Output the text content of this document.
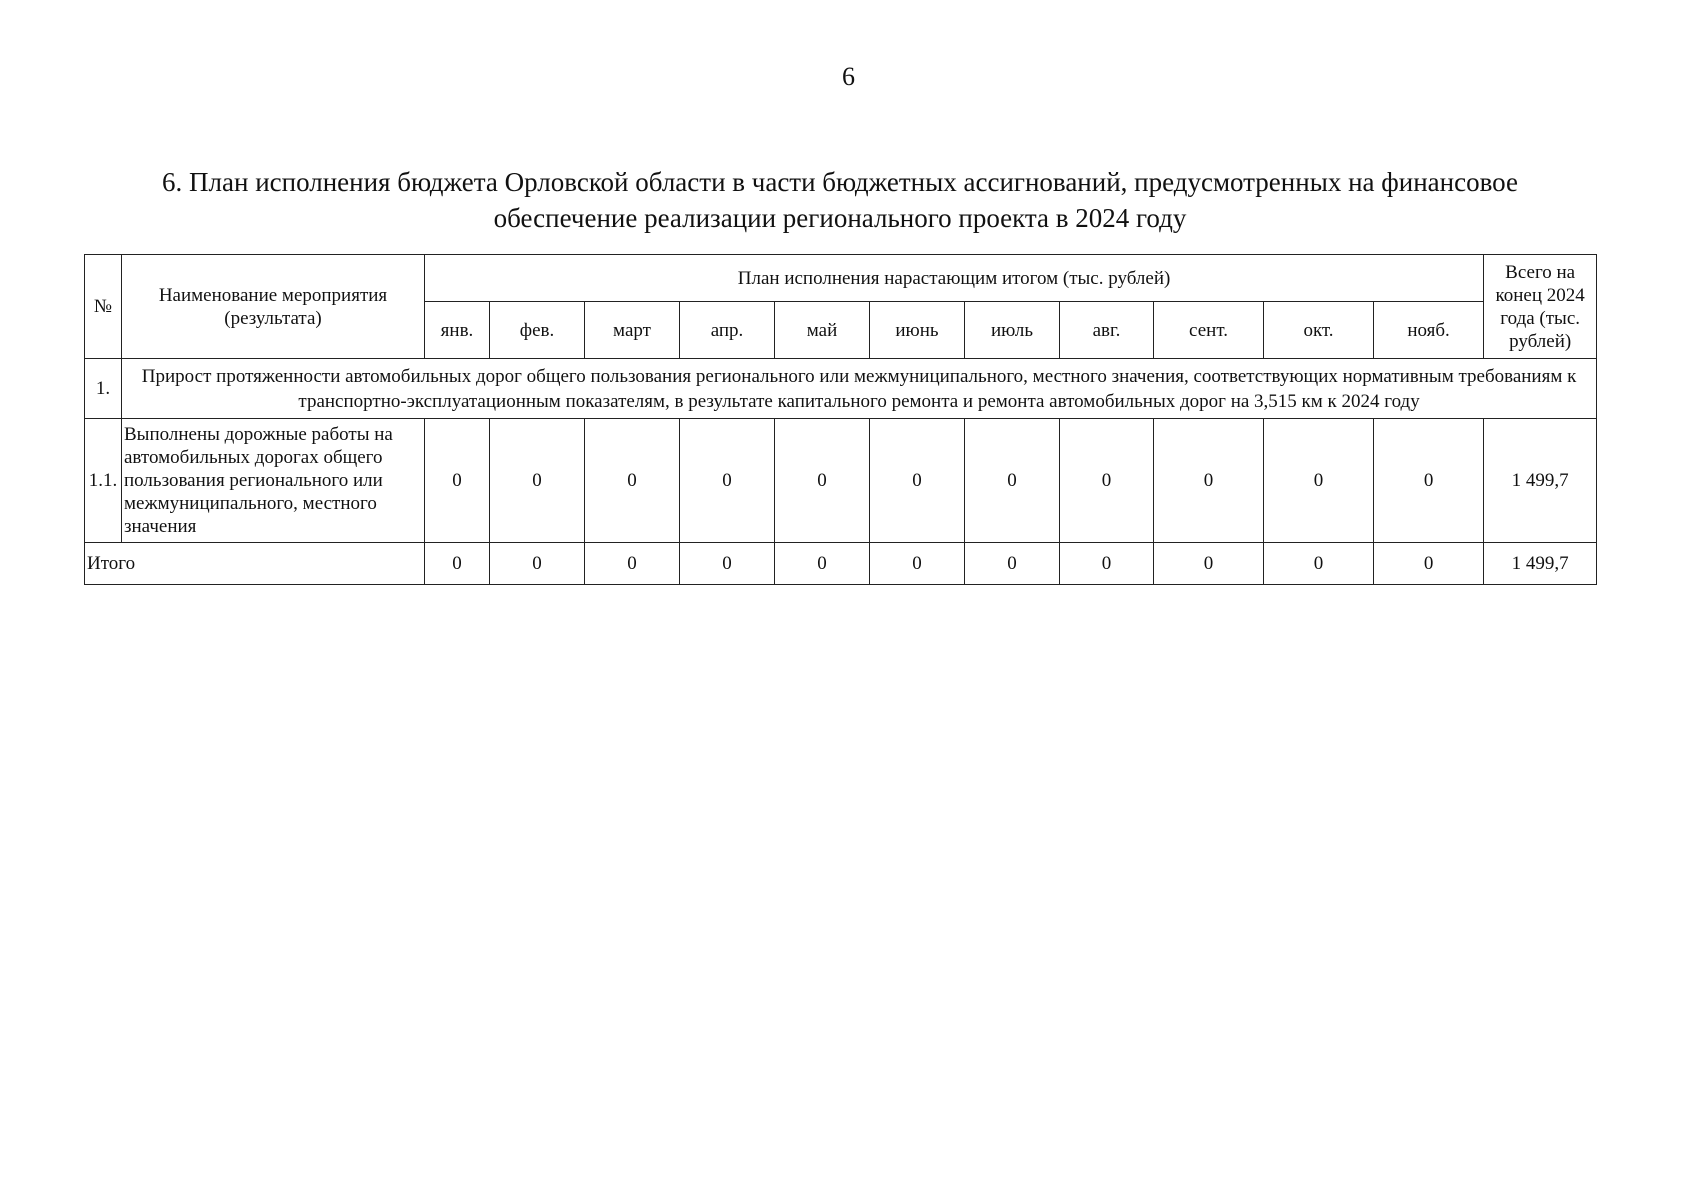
6
6. План исполнения бюджета Орловской области в части бюджетных ассигнований, предусмотренных на финансовое
обеспечение реализации регионального проекта в 2024 году
№	Наименование мероприятия (результата)	План исполнения нарастающим итогом (тыс. рублей)											Всего на конец 2024 года (тыс. рублей)
		янв.	фев.	март	апр.	май	июнь	июль	авг.	сент.	окт.	нояб.	
1.	Прирост протяженности автомобильных дорог общего пользования регионального или межмуниципального, местного значения, соответствующих нормативным требованиям к транспортно-эксплуатационным показателям, в результате капитального ремонта и ремонта автомобильных дорог на 3,515 км к 2024 году												
1.1.	Выполнены дорожные работы на автомобильных дорогах общего пользования регионального или межмуниципального, местного значения	0	0	0	0	0	0	0	0	0	0	0	1 499,7
Итого		0	0	0	0	0	0	0	0	0	0	0	1 499,7
